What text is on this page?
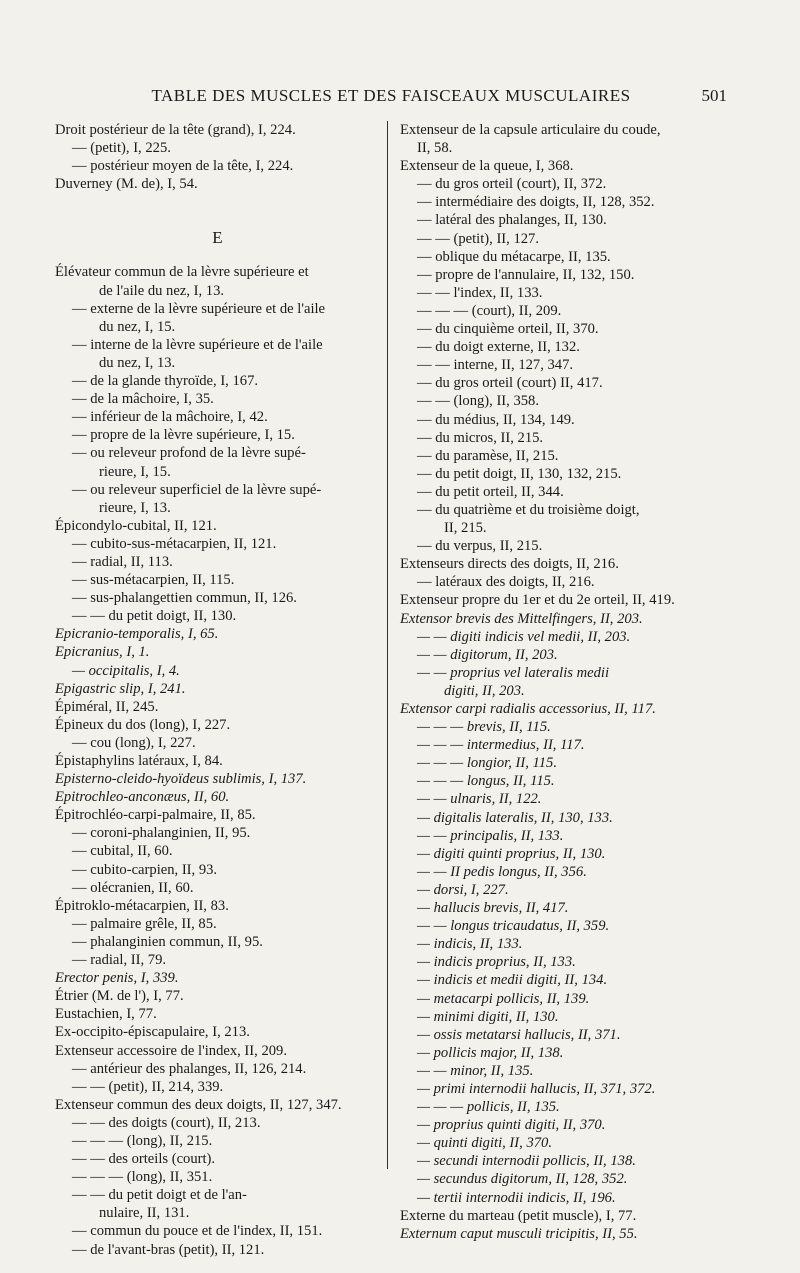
TABLE DES MUSCLES ET DES FAISCEAUX MUSCULAIRES	501
Droit postérieur de la tête (grand), I, 224.
— (petit), I, 225.
— postérieur moyen de la tête, I, 224.
Duverney (M. de), I, 54.
E
Élévateur commun de la lèvre supérieure et
de l'aile du nez, I, 13.
— externe de la lèvre supérieure et de l'aile
du nez, I, 15.
— interne de la lèvre supérieure et de l'aile
du nez, I, 13.
— de la glande thyroïde, I, 167.
— de la mâchoire, I, 35.
— inférieur de la mâchoire, I, 42.
— propre de la lèvre supérieure, I, 15.
— ou releveur profond de la lèvre supé-
rieure, I, 15.
— ou releveur superficiel de la lèvre supé-
rieure, I, 13.
Épicondylo-cubital, II, 121.
— cubito-sus-métacarpien, II, 121.
— radial, II, 113.
— sus-métacarpien, II, 115.
— sus-phalangettien commun, II, 126.
— — du petit doigt, II, 130.
Epicranio-temporalis, I, 65.
Epicranius, I, 1.
— occipitalis, I, 4.
Epigastric slip, I, 241.
Épiméral, II, 245.
Épineux du dos (long), I, 227.
— cou (long), I, 227.
Épistaphylins latéraux, I, 84.
Episterno-cleido-hyoïdeus sublimis, I, 137.
Epitrochleo-anconæus, II, 60.
Épitrochléo-carpi-palmaire, II, 85.
— coroni-phalanginien, II, 95.
— cubital, II, 60.
— cubito-carpien, II, 93.
— olécranien, II, 60.
Épitroklo-métacarpien, II, 83.
— palmaire grêle, II, 85.
— phalanginien commun, II, 95.
— radial, II, 79.
Erector penis, I, 339.
Étrier (M. de l'), I, 77.
Eustachien, I, 77.
Ex-occipito-épiscapulaire, I, 213.
Extenseur accessoire de l'index, II, 209.
— antérieur des phalanges, II, 126, 214.
— — (petit), II, 214, 339.
Extenseur commun des deux doigts, II, 127, 347.
— — des doigts (court), II, 213.
— — — (long), II, 215.
— — des orteils (court).
— — — (long), II, 351.
— — du petit doigt et de l'an-
nulaire, II, 131.
— commun du pouce et de l'index, II, 151.
— de l'avant-bras (petit), II, 121.
Extenseur de la capsule articulaire du coude,
II, 58.
Extenseur de la queue, I, 368.
— du gros orteil (court), II, 372.
— intermédiaire des doigts, II, 128, 352.
— latéral des phalanges, II, 130.
— — (petit), II, 127.
— oblique du métacarpe, II, 135.
— propre de l'annulaire, II, 132, 150.
— — l'index, II, 133.
— — — (court), II, 209.
— du cinquième orteil, II, 370.
— du doigt externe, II, 132.
— — interne, II, 127, 347.
— du gros orteil (court) II, 417.
— — (long), II, 358.
— du médius, II, 134, 149.
— du micros, II, 215.
— du paramèse, II, 215.
— du petit doigt, II, 130, 132, 215.
— du petit orteil, II, 344.
— du quatrième et du troisième doigt,
II, 215.
— du verpus, II, 215.
Extenseurs directs des doigts, II, 216.
— latéraux des doigts, II, 216.
Extenseur propre du 1er et du 2e orteil, II, 419.
Extensor brevis des Mittelfingers, II, 203.
— — digiti indicis vel medii, II, 203.
— — digitorum, II, 203.
— — proprius vel lateralis medii
digiti, II, 203.
Extensor carpi radialis accessorius, II, 117.
— — — brevis, II, 115.
— — — intermedius, II, 117.
— — — longior, II, 115.
— — — longus, II, 115.
— — ulnaris, II, 122.
— digitalis lateralis, II, 130, 133.
— — principalis, II, 133.
— digiti quinti proprius, II, 130.
— — II pedis longus, II, 356.
— dorsi, I, 227.
— hallucis brevis, II, 417.
— — longus tricaudatus, II, 359.
— indicis, II, 133.
— indicis proprius, II, 133.
— indicis et medii digiti, II, 134.
— metacarpi pollicis, II, 139.
— minimi digiti, II, 130.
— ossis metatarsi hallucis, II, 371.
— pollicis major, II, 138.
— — minor, II, 135.
— primi internodii hallucis, II, 371, 372.
— — — pollicis, II, 135.
— proprius quinti digiti, II, 370.
— quinti digiti, II, 370.
— secundi internodii pollicis, II, 138.
— secundus digitorum, II, 128, 352.
— tertii internodii indicis, II, 196.
Externe du marteau (petit muscle), I, 77.
Externum caput musculi tricipitis, II, 55.
